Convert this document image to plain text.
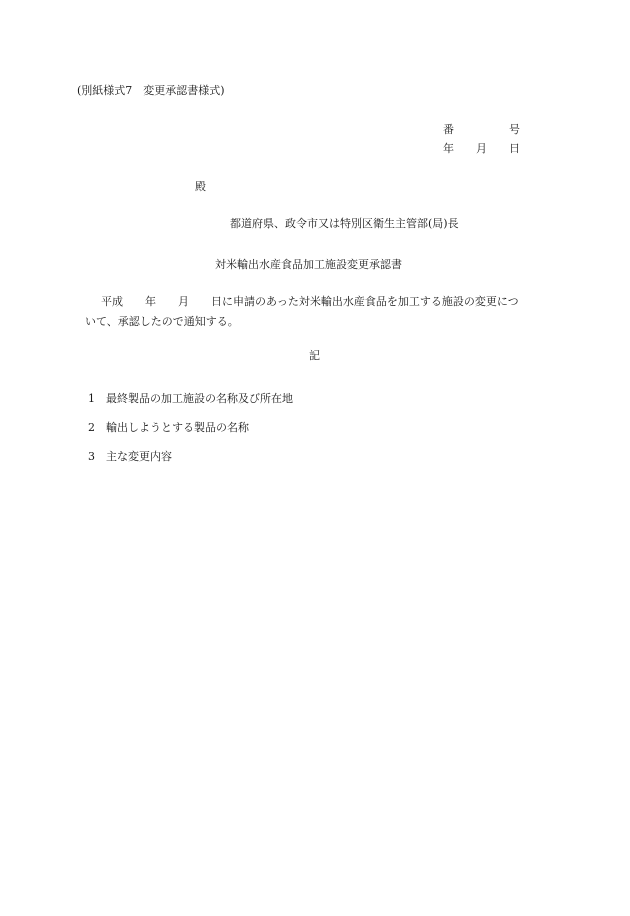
(別紙様式7　変更承認書様式)
番　　　　　号
年　　月　　日
殿
都道府県、政令市又は特別区衛生主管部(局)長
対米輸出水産食品加工施設変更承認書
平成　　年　　月　　日に申請のあった対米輸出水産食品を加工する施設の変更につ
いて、承認したので通知する。
記
1 最終製品の加工施設の名称及び所在地
2 輸出しようとする製品の名称
3 主な変更内容
